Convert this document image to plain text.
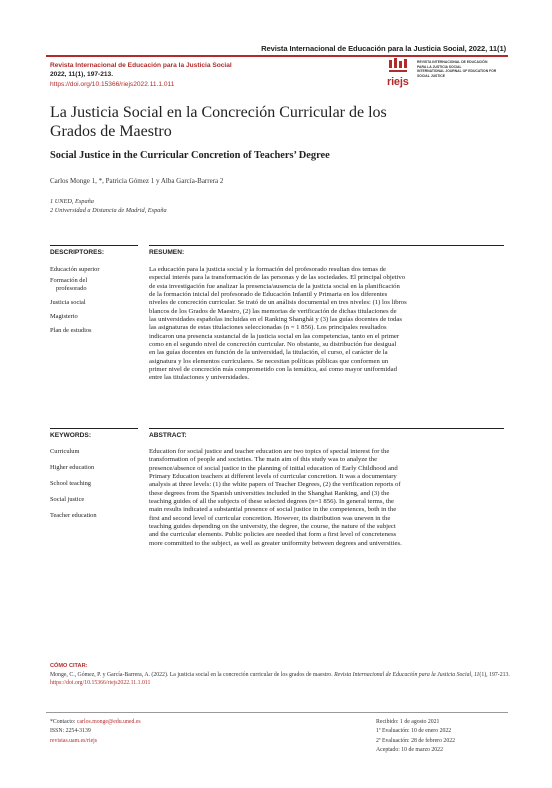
Revista Internacional de Educación para la Justicia Social, 2022, 11(1)
Revista Internacional de Educación para la Justicia Social
2022, 11(1), 197-213.
https://doi.org/10.15366/riejs2022.11.1.011	riejs
REVISTA INTERNACIONAL DE EDUCACIÓN
PARA LA JUSTICIA SOCIAL
INTERNATIONAL JOURNAL OF EDUCATION FOR SOCIAL JUSTICE
La Justicia Social en la Concreción Curricular de los Grados de Maestro
Social Justice in the Curricular Concretion of Teachers’ Degree
Carlos Monge 1, *, Patricia Gómez 1 y Alba García-Barrera 2
1 UNED, España
2 Universidad a Distancia de Madrid, España
DESCRIPTORES:	RESUMEN:
Educación superior
Formación del
profesorado
Justicia social
Magisterio
Plan de estudios
La educación para la justicia social y la formación del profesorado resultan dos temas de
especial interés para la transformación de las personas y de las sociedades. El principal objetivo
de esta investigación fue analizar la presencia/ausencia de la justicia social en la planificación
de la formación inicial del profesorado de Educación Infantil y Primaria en los diferentes
niveles de concreción curricular. Se trató de un análisis documental en tres niveles: (1) los libros
blancos de los Grados de Maestro, (2) las memorias de verificación de dichas titulaciones de
las universidades españolas incluidas en el Ranking Shanghái y (3) las guías docentes de todas
las asignaturas de estas titulaciones seleccionadas (n = 1 856). Los principales resultados
indicaron una presencia sustancial de la justicia social en las competencias, tanto en el primer
como en el segundo nivel de concreción curricular. No obstante, su distribución fue desigual
en las guías docentes en función de la universidad, la titulación, el curso, el carácter de la
asignatura y los elementos curriculares. Se necesitan políticas públicas que conformen un
primer nivel de concreción más comprometido con la temática, así como mayor uniformidad
entre las titulaciones y universidades.
KEYWORDS:	ABSTRACT:
Curriculum
Higher education
School teaching
Social justice
Teacher education
Education for social justice and teacher education are two topics of special interest for the
transformation of people and societies. The main aim of this study was to analyze the
presence/absence of social justice in the planning of initial education of Early Childhood and
Primary Education teachers at different levels of curricular concretion. It was a documentary
analysis at three levels: (1) the white papers of Teacher Degrees, (2) the verification reports of
these degrees from the Spanish universities included in the Shanghai Ranking, and (3) the
teaching guides of all the subjects of these selected degrees (n=1 856). In general terms, the
main results indicated a substantial presence of social justice in the competences, both in the
first and second level of curricular concretion. However, its distribution was uneven in the
teaching guides depending on the university, the degree, the course, the nature of the subject
and the curricular elements. Public policies are needed that form a first level of concreteness
more committed to the subject, as well as greater uniformity between degrees and universities.
CÓMO CITAR:
Monge, C., Gómez, P. y García-Barrera, A. (2022). La justicia social en la concreción curricular de los grados de maestro. Revista Internacional de Educación para la Justicia Social, 11(1), 197-213.
https://doi.org/10.15366/riejs2022.11.1.011
*Contacto: carlos.monge@edu.uned.es
ISSN: 2254-3139
revistas.uam.es/riejs
Recibido: 1 de agosto 2021
1ª Evaluación: 10 de enero 2022
2ª Evaluación: 28 de febrero 2022
Aceptado: 10 de marzo 2022
